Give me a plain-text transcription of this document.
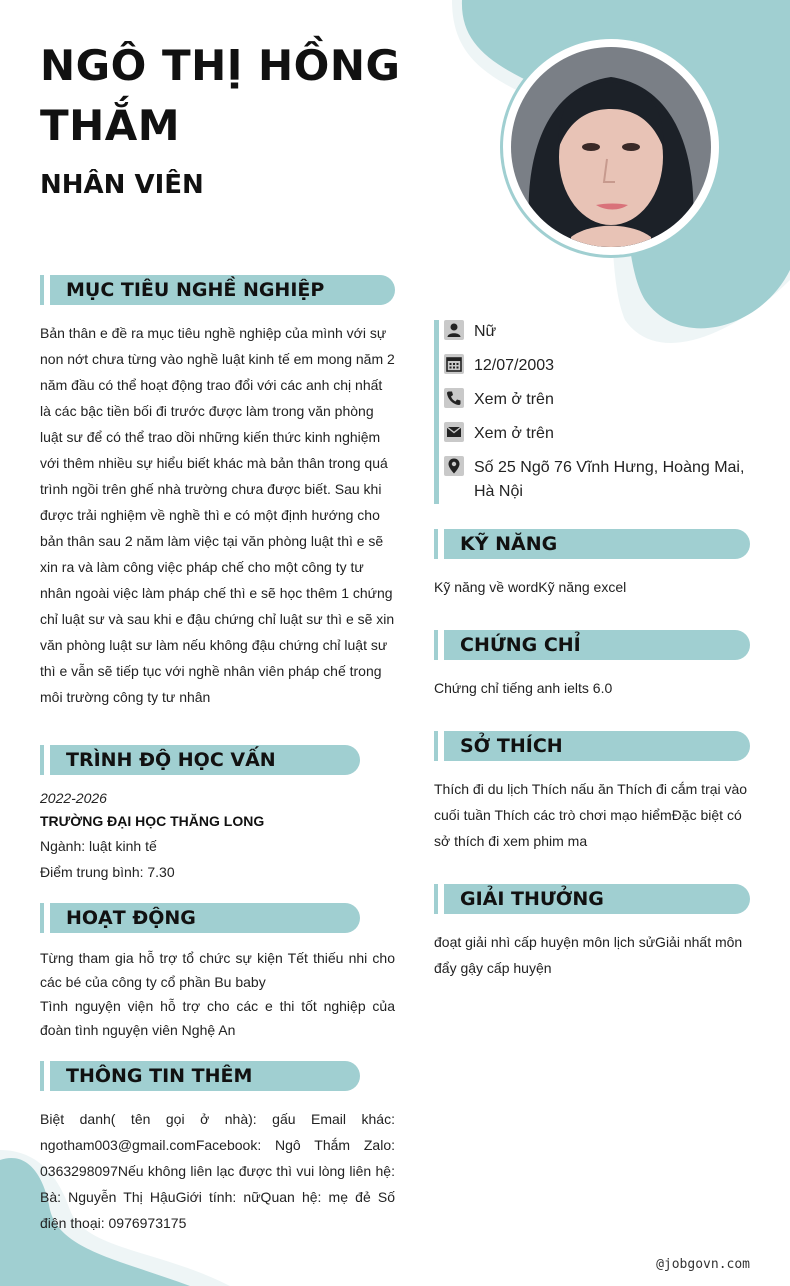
NGÔ THỊ HỒNG THẮM
NHÂN VIÊN
MỤC TIÊU NGHỀ NGHIỆP
Bản thân e đề ra mục tiêu nghề nghiệp của mình với sự non nớt chưa từng vào nghề luật kinh tế em mong năm 2 năm đầu có thể hoạt động trao đổi với các anh chị nhất là các bậc tiền bối đi trước được làm trong văn phòng luật sư để có thể trao dồi những kiến thức kinh nghiệm với thêm nhiều sự hiểu biết khác mà bản thân trong quá trình ngồi trên ghế nhà trường chưa được biết. Sau khi được trải nghiệm về nghề thì e có một định hướng cho bản thân sau 2 năm làm việc tại văn phòng luật thì e sẽ xin ra và làm công việc pháp chế cho một công ty tư nhân ngoài việc làm pháp chế thì e sẽ học thêm 1 chứng chỉ luật sư và sau khi e đậu chứng chỉ luật sư thì e sẽ xin văn phòng luật sư làm nếu không đậu chứng chỉ luật sư thì e vẫn sẽ tiếp tục với nghề nhân viên pháp chế trong môi trường công ty tư nhân
TRÌNH ĐỘ HỌC VẤN
2022-2026
TRƯỜNG ĐẠI HỌC THĂNG LONG
Ngành: luật kinh tế
Điểm trung bình: 7.30
HOẠT ĐỘNG
Từng tham gia hỗ trợ tổ chức sự kiện Tết thiếu nhi cho các bé của công ty cổ phần Bu baby
Tình nguyện viện hỗ trợ cho các e thi tốt nghiệp của đoàn tình nguyện viên Nghệ An
THÔNG TIN THÊM
Biệt danh( tên gọi ở nhà): gấu Email khác: ngotham003@gmail.comFacebook: Ngô Thắm Zalo: 0363298097Nếu không liên lạc được thì vui lòng liên hệ: Bà: Nguyễn Thị HậuGiới tính: nữQuan hệ: mẹ đẻ Số điện thoại: 0976973175
Nữ
12/07/2003
Xem ở trên
Xem ở trên
Số 25 Ngõ 76 Vĩnh Hưng, Hoàng Mai, Hà Nội
KỸ NĂNG
Kỹ năng về wordKỹ năng excel
CHỨNG CHỈ
Chứng chỉ tiếng anh ielts 6.0
SỞ THÍCH
Thích đi du lịch Thích nấu ăn Thích đi cắm trại vào cuối tuần Thích các trò chơi mạo hiểmĐặc biệt có sở thích đi xem phim ma
GIẢI THƯỞNG
đoạt giải nhì cấp huyện môn lịch sửGiải nhất môn đẩy gậy cấp huyện
@jobgovn.com
